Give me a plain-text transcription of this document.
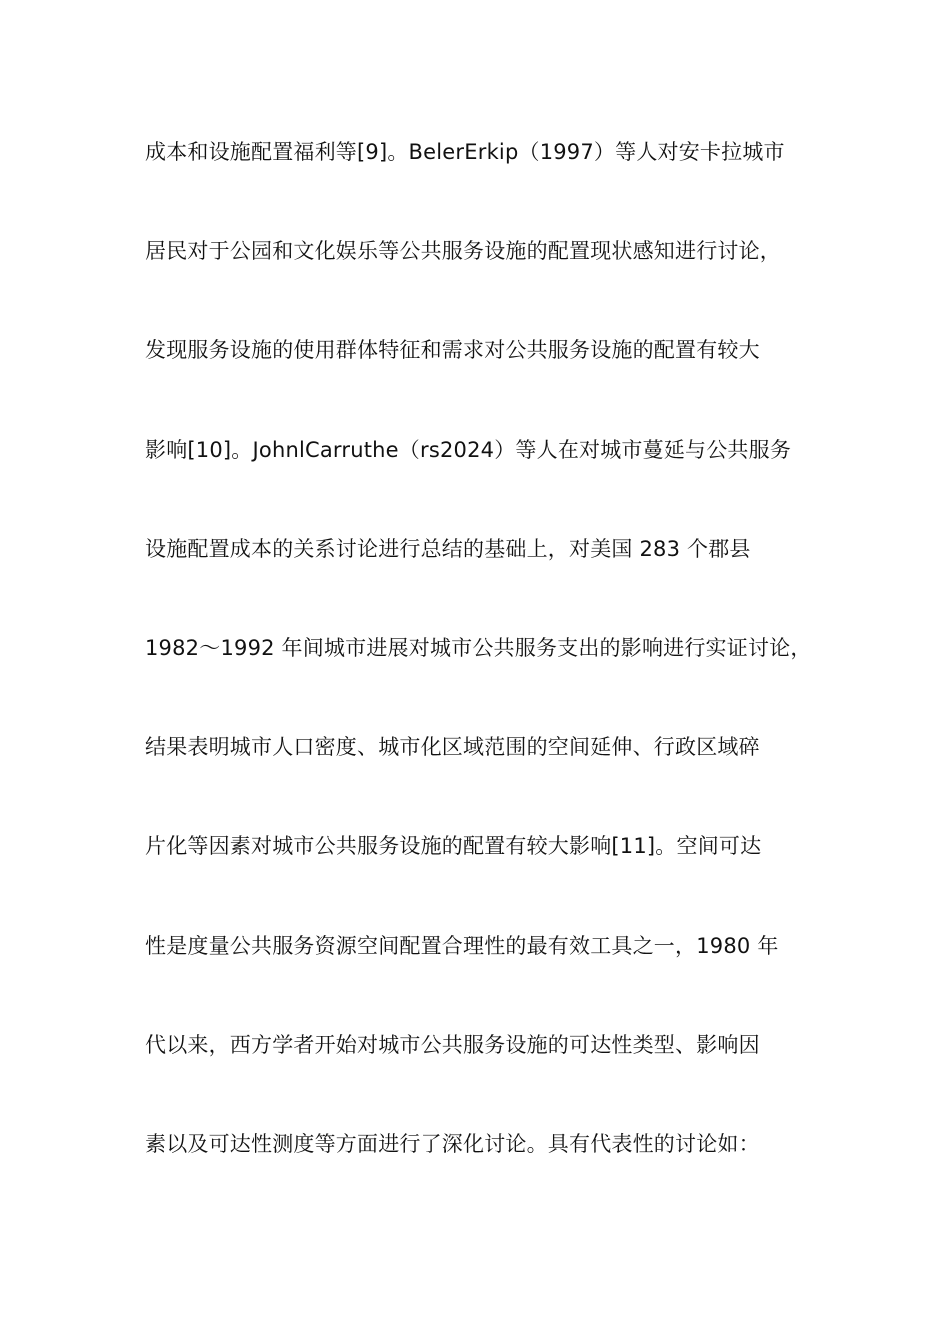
成本和设施配置福利等[9]。BelerErkip（1997）等人对安卡拉城市
居民对于公园和文化娱乐等公共服务设施的配置现状感知进行讨论，
发现服务设施的使用群体特征和需求对公共服务设施的配置有较大
影响[10]。JohnlCarruthe（rs2024）等人在对城市蔓延与公共服务
设施配置成本的关系讨论进行总结的基础上，对美国 283 个郡县
1982～1992 年间城市进展对城市公共服务支出的影响进行实证讨论，
结果表明城市人口密度、城市化区域范围的空间延伸、行政区域碎
片化等因素对城市公共服务设施的配置有较大影响[11]。空间可达
性是度量公共服务资源空间配置合理性的最有效工具之一，1980 年
代以来，西方学者开始对城市公共服务设施的可达性类型、影响因
素以及可达性测度等方面进行了深化讨论。具有代表性的讨论如：
